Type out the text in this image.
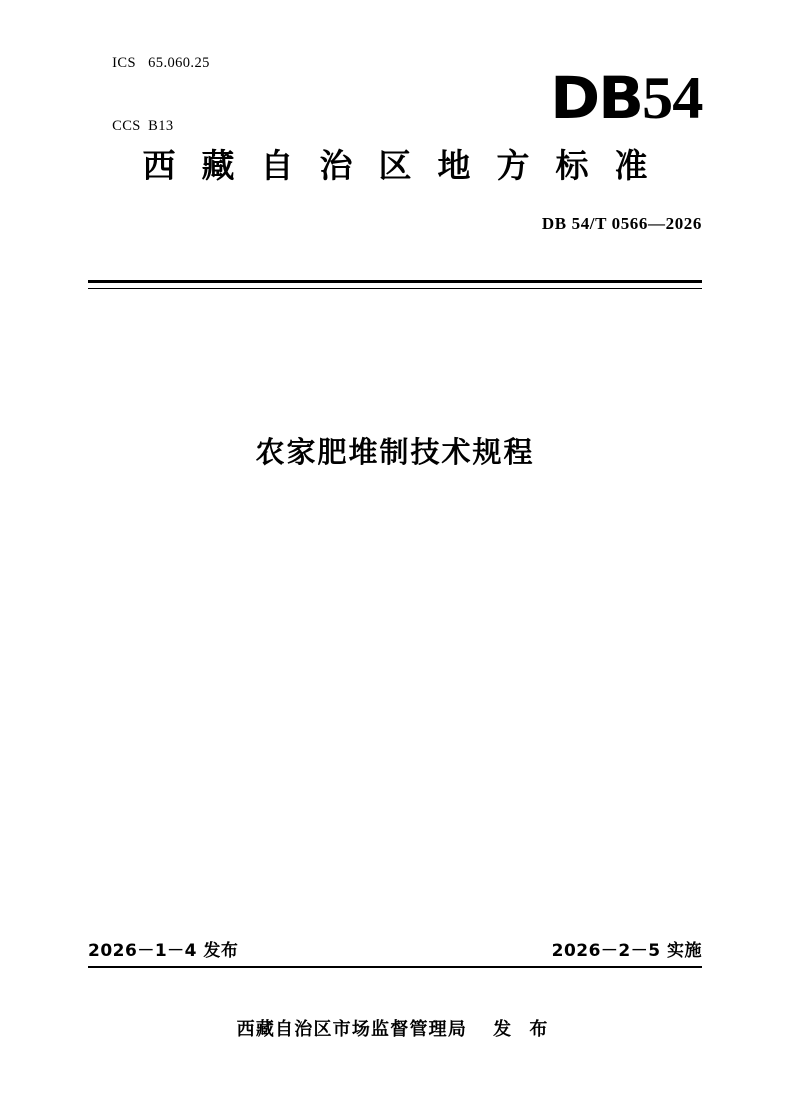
ICS 65.060.25

CCS B13
	DB54
西藏自治区地方标准
DB 54/T 0566—2026
农家肥堆制技术规程
2026－1－4 发布	2026－2－5 实施
西藏自治区市场监督管理局 发 布
